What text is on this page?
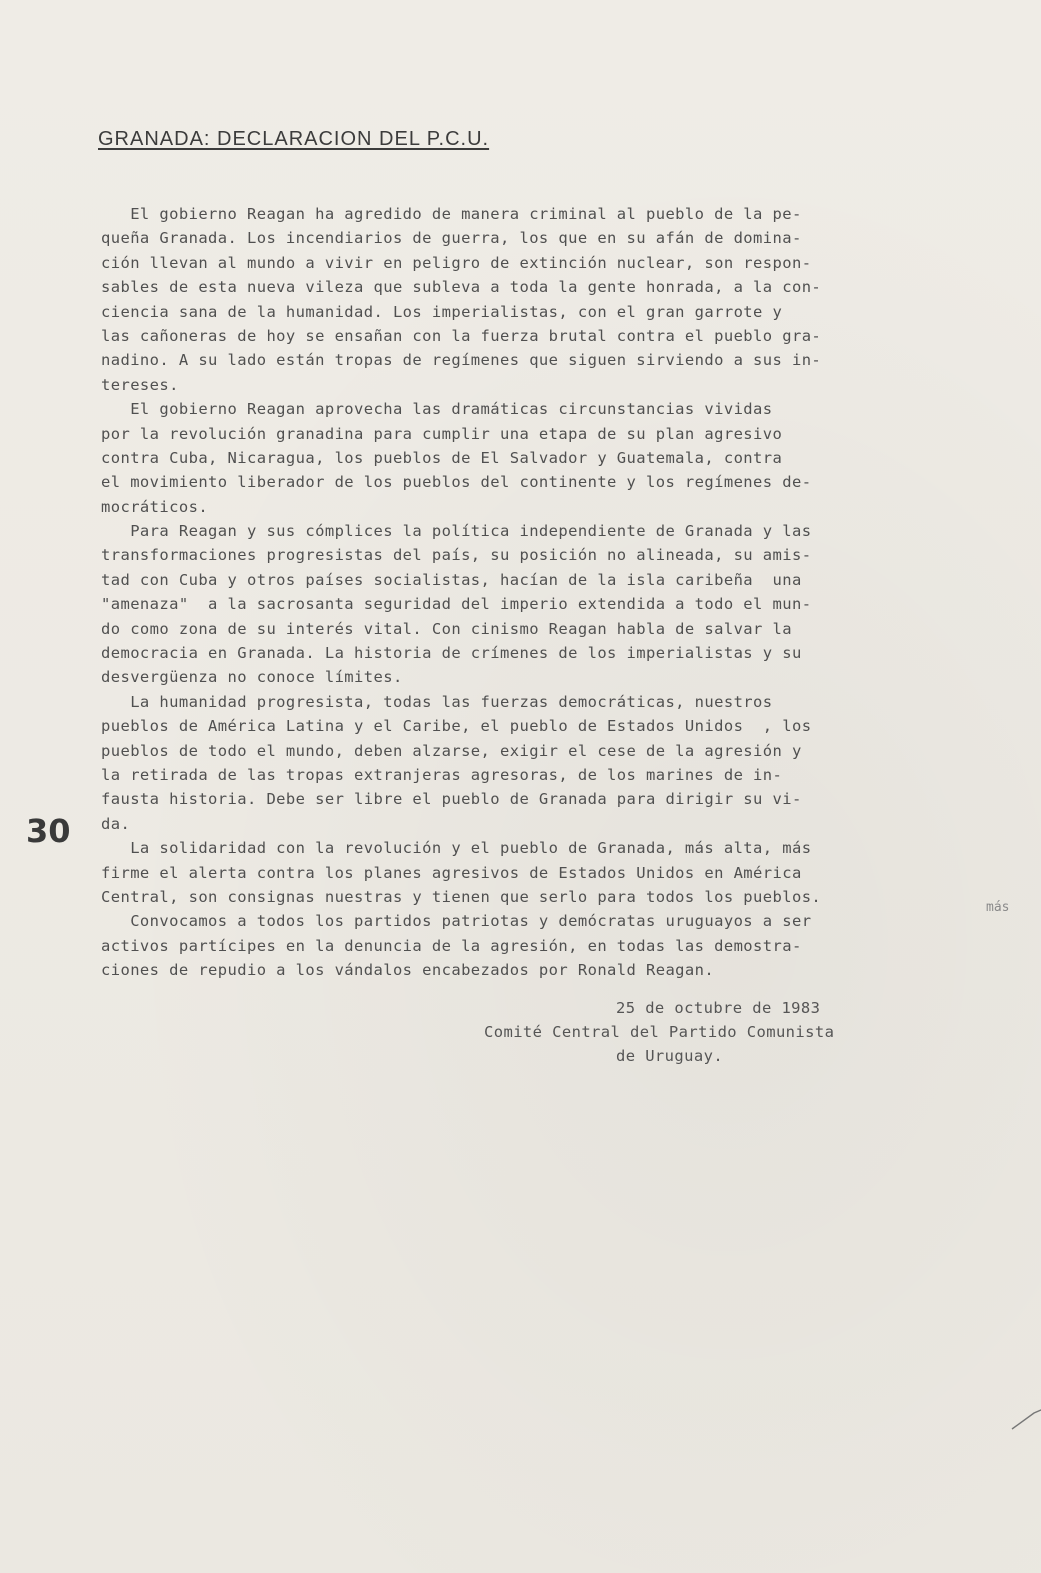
GRANADA: DECLARACION DEL P.C.U.
El gobierno Reagan ha agredido de manera criminal al pueblo de la pe-
queña Granada. Los incendiarios de guerra, los que en su afán de domina-
ción llevan al mundo a vivir en peligro de extinción nuclear, son respon-
sables de esta nueva vileza que subleva a toda la gente honrada, a la con-
ciencia sana de la humanidad. Los imperialistas, con el gran garrote y
las cañoneras de hoy se ensañan con la fuerza brutal contra el pueblo gra-
nadino. A su lado están tropas de regímenes que siguen sirviendo a sus in-
tereses.
El gobierno Reagan aprovecha las dramáticas circunstancias vividas
por la revolución granadina para cumplir una etapa de su plan agresivo
contra Cuba, Nicaragua, los pueblos de El Salvador y Guatemala, contra
el movimiento liberador de los pueblos del continente y los regímenes de-
mocráticos.
Para Reagan y sus cómplices la política independiente de Granada y las
transformaciones progresistas del país, su posición no alineada, su amis-
tad con Cuba y otros países socialistas, hacían de la isla caribeña  una
"amenaza"  a la sacrosanta seguridad del imperio extendida a todo el mun-
do como zona de su interés vital. Con cinismo Reagan habla de salvar la
democracia en Granada. La historia de crímenes de los imperialistas y su
desvergüenza no conoce límites.
La humanidad progresista, todas las fuerzas democráticas, nuestros
pueblos de América Latina y el Caribe, el pueblo de Estados Unidos  , los
pueblos de todo el mundo, deben alzarse, exigir el cese de la agresión y
la retirada de las tropas extranjeras agresoras, de los marines de in-
fausta historia. Debe ser libre el pueblo de Granada para dirigir su vi-
da.
La solidaridad con la revolución y el pueblo de Granada, más alta, más
firme el alerta contra los planes agresivos de Estados Unidos en América
Central, son consignas nuestras y tienen que serlo para todos los pueblos.
Convocamos a todos los partidos patriotas y demócratas uruguayos a ser
activos partícipes en la denuncia de la agresión, en todas las demostra-
ciones de repudio a los vándalos encabezados por Ronald Reagan.
más
25 de octubre de 1983
Comité Central del Partido Comunista
de Uruguay.
30
